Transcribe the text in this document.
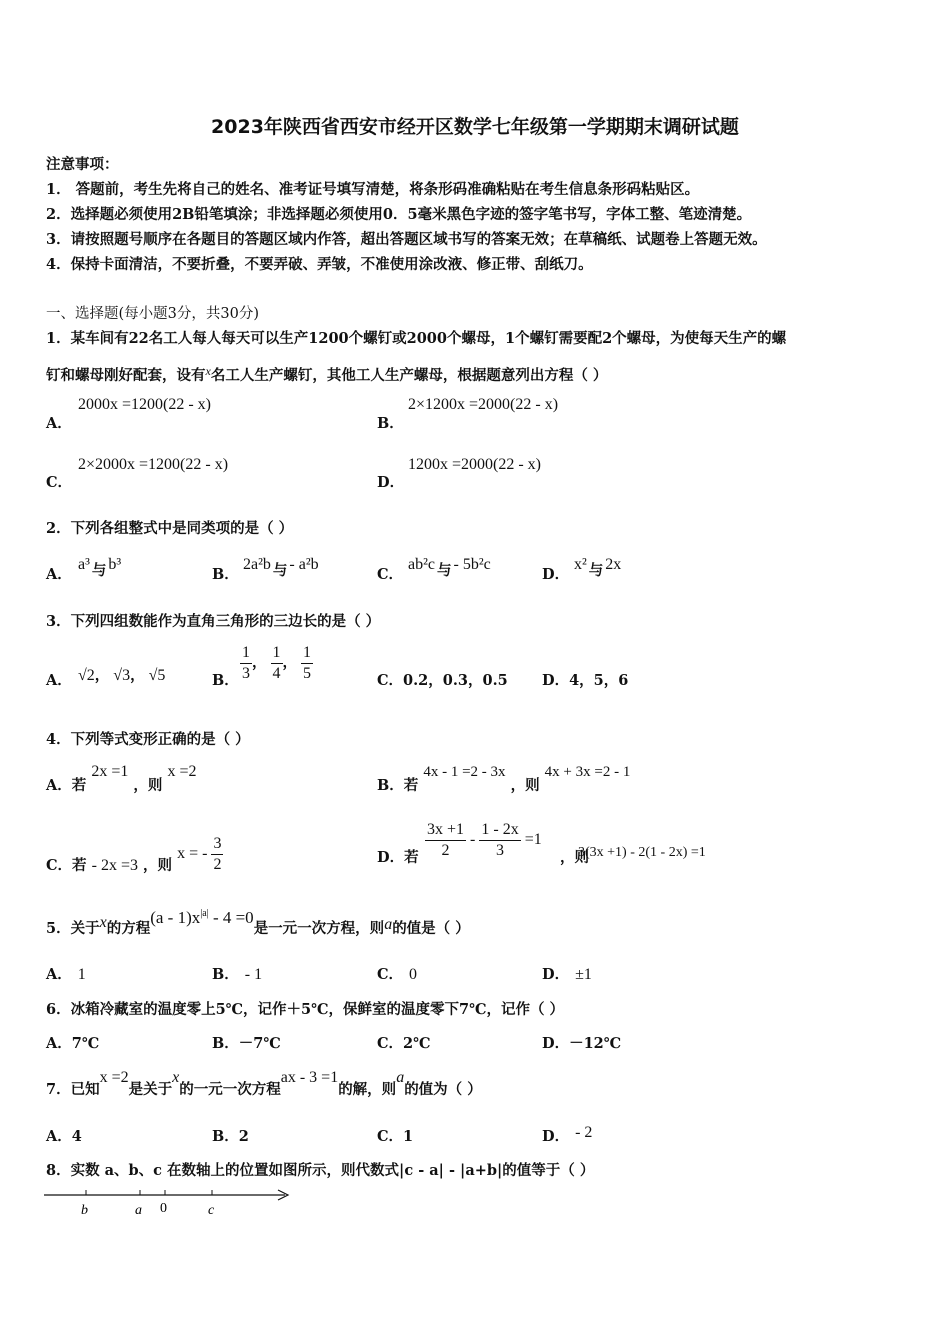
2023年陕西省西安市经开区数学七年级第一学期期末调研试题
注意事项：
1． 答题前，考生先将自己的姓名、准考证号填写清楚，将条形码准确粘贴在考生信息条形码粘贴区。
2．选择题必须使用2B铅笔填涂；非选择题必须使用0．5毫米黑色字迹的签字笔书写，字体工整、笔迹清楚。
3．请按照题号顺序在各题目的答题区域内作答，超出答题区域书写的答案无效；在草稿纸、试题卷上答题无效。
4．保持卡面清洁，不要折叠，不要弄破、弄皱，不准使用涂改液、修正带、刮纸刀。
一、选择题(每小题3分，共30分)
1．某车间有22名工人每人每天可以生产1200个螺钉或2000个螺母，1个螺钉需要配2个螺母，为使每天生产的螺
钉和螺母刚好配套，设有$^x$名工人生产螺钉，其他工人生产螺母，根据题意列出方程（ ）
A．
2000x =1200(22 - x)
B．
2×1200x =2000(22 - x)
C．
2×2000x =1200(22 - x)
D．
1200x =2000(22 - x)
2．下列各组整式中是同类项的是（ ）
A．
a³ 与 b³
B．
2a²b 与 - a²b
C．
ab²c 与 - 5b²c
D．
x² 与 2x
3．下列四组数能作为直角三角形的三边长的是（ ）
A． √2， √3， √5	B． $\frac{1}{3}$ ， $\frac{1}{4}$ ， $\frac{1}{5}$	C．0.2，0.3，0.5 D．4，5，6
4．下列等式变形正确的是（ ）
A．若 2x =1 ，则 x =2
B．若 4x - 1 =2 - 3x ，则 4x + 3x =2 - 1
C．若 - 2x =3 ，则 x = - $\frac{3}{2}$	D．若 $\frac{3x +1}{2} - \frac{1 - 2x}{3} =1$
，则
3(3x +1) - 2(1 - 2x) =1
5．关于x的方程$(a - 1)x^{|a|} - 4 =0$是一元一次方程，则a的值是（ ）
A． 1	B． - 1	C． 0	D． ±1
6．冰箱冷藏室的温度零上5℃，记作＋5℃，保鲜室的温度零下7℃，记作（ ）
A．7℃	B．－7℃	C．2℃	D．－12℃
7．已知x =2是关于x的一元一次方程ax - 3 =1的解，则a的值为（ ）
A．4	B．2	C．1	D． - 2
8．实数 a、b、c 在数轴上的位置如图所示，则代数式|c - a| - |a+b|的值等于（ ）
b	a 0	c
